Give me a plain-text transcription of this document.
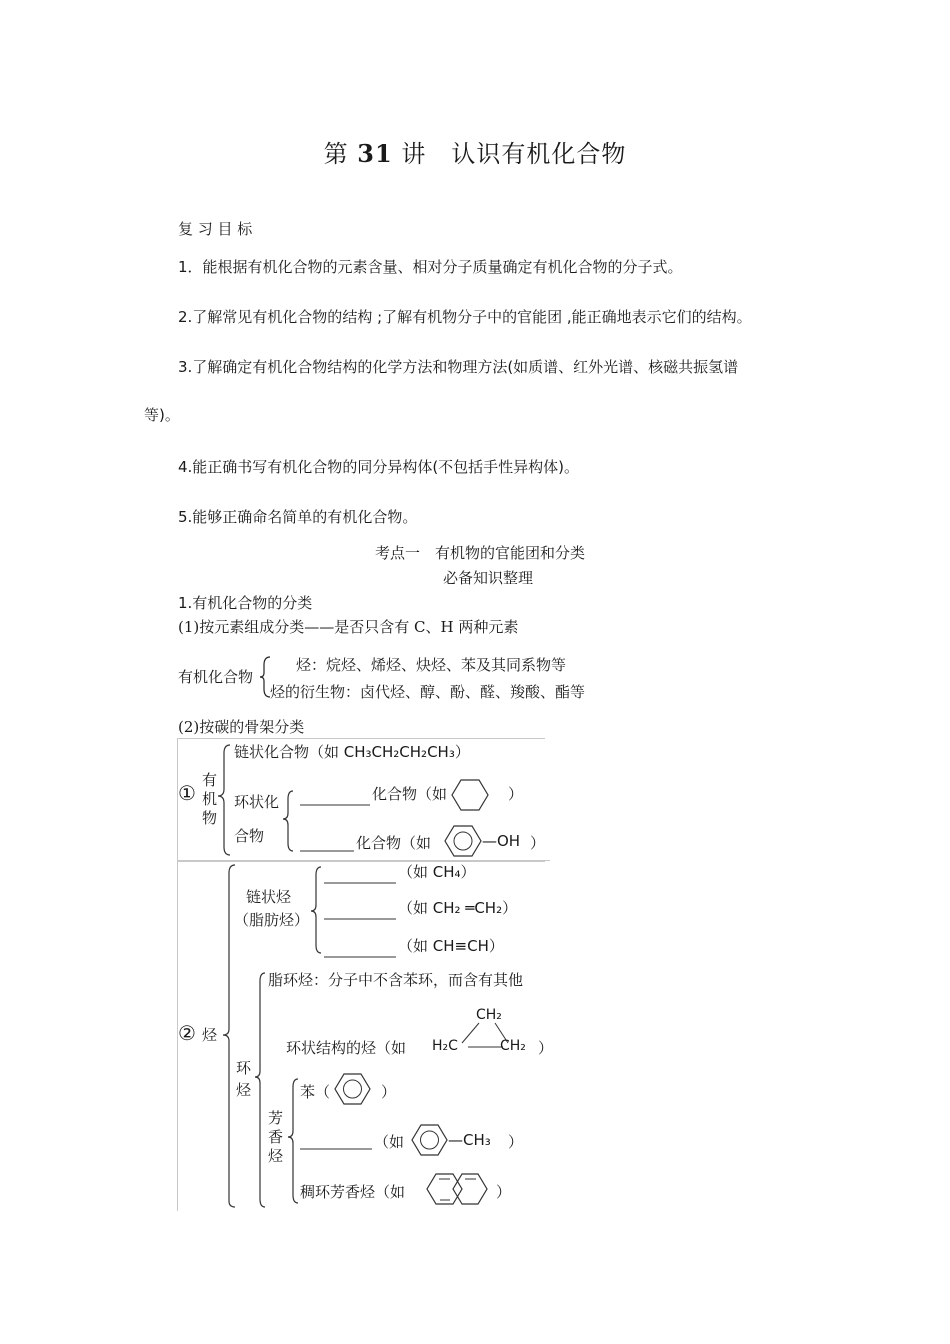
第 31 讲　认识有机化合物
复 习 目 标
1．能根据有机化合物的元素含量、相对分子质量确定有机化合物的分子式。
2.了解常见有机化合物的结构 ;了解有机物分子中的官能团 ,能正确地表示它们的结构。
3.了解确定有机化合物结构的化学方法和物理方法(如质谱、红外光谱、核磁共振氢谱
等)。
4.能正确书写有机化合物的同分异构体(不包括手性异构体)。
5.能够正确命名简单的有机化合物。
考点一　有机物的官能团和分类
必备知识整理
1.有机化合物的分类
(1)按元素组成分类——是否只含有 C、H 两种元素
有机化合物
烃：烷烃、烯烃、炔烃、苯及其同系物等
烃的衍生物：卤代烃、醇、酚、醛、羧酸、酯等
(2)按碳的骨架分类
①
有
机
物
链状化合物（如 CH₃CH₂CH₂CH₃）
环状化
合物
化合物（如	）
化合物（如	—OH ）
② 烃
链状烃
（脂肪烃）
（如 CH₄）
（如 CH₂ ═CH₂）
（如 CH≡CH）
环
烃
脂环烃：分子中不含苯环，而含有其他
环状结构的烃（如
CH₂
H₂C	CH₂ ）
芳
香
烃
苯（	）
（如	—CH₃ ）
稠环芳香烃（如	）
